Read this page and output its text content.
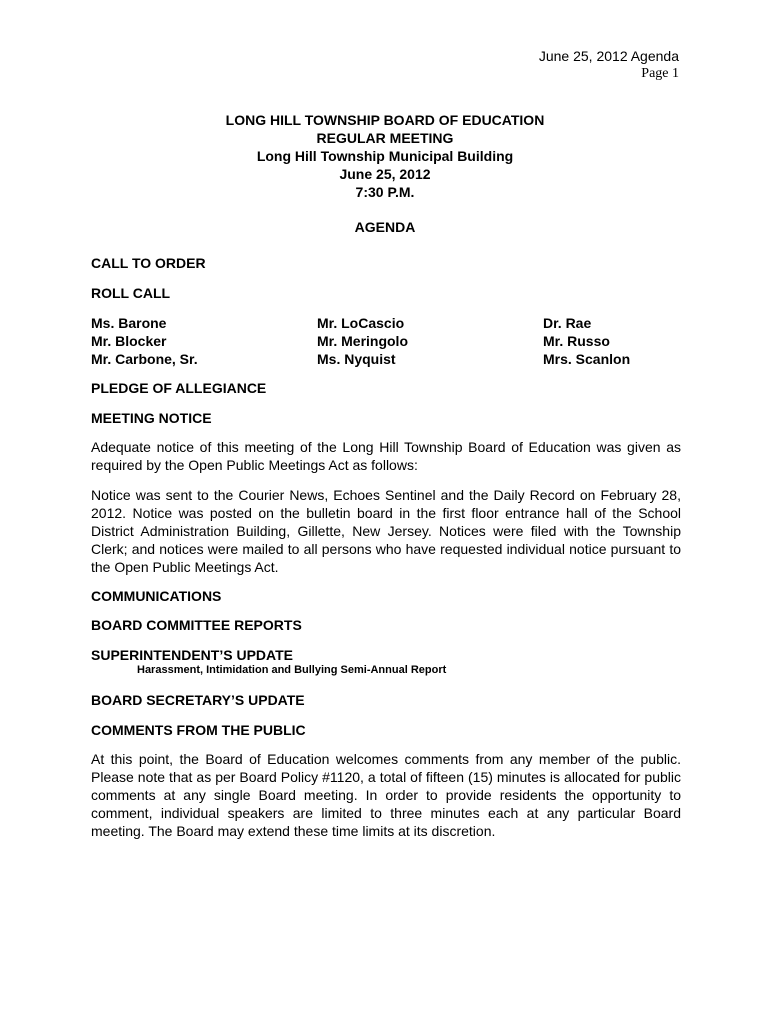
June 25, 2012 Agenda
Page 1
LONG HILL TOWNSHIP BOARD OF EDUCATION
REGULAR MEETING
Long Hill Township Municipal Building
June 25, 2012
7:30 P.M.
AGENDA
CALL TO ORDER
ROLL CALL
Ms. Barone
Mr. Blocker
Mr. Carbone, Sr.
Mr. LoCascio
Mr. Meringolo
Ms. Nyquist
Dr. Rae
Mr. Russo
Mrs. Scanlon
PLEDGE OF ALLEGIANCE
MEETING NOTICE
Adequate notice of this meeting of the Long Hill Township Board of Education was given as required by the Open Public Meetings Act as follows:
Notice was sent to the Courier News, Echoes Sentinel and the Daily Record on February 28, 2012. Notice was posted on the bulletin board in the first floor entrance hall of the School District Administration Building, Gillette, New Jersey. Notices were filed with the Township Clerk; and notices were mailed to all persons who have requested individual notice pursuant to the Open Public Meetings Act.
COMMUNICATIONS
BOARD COMMITTEE REPORTS
SUPERINTENDENT’S UPDATE
Harassment, Intimidation and Bullying Semi-Annual Report
BOARD SECRETARY’S UPDATE
COMMENTS FROM THE PUBLIC
At this point, the Board of Education welcomes comments from any member of the public. Please note that as per Board Policy #1120, a total of fifteen (15) minutes is allocated for public comments at any single Board meeting. In order to provide residents the opportunity to comment, individual speakers are limited to three minutes each at any particular Board meeting. The Board may extend these time limits at its discretion.
